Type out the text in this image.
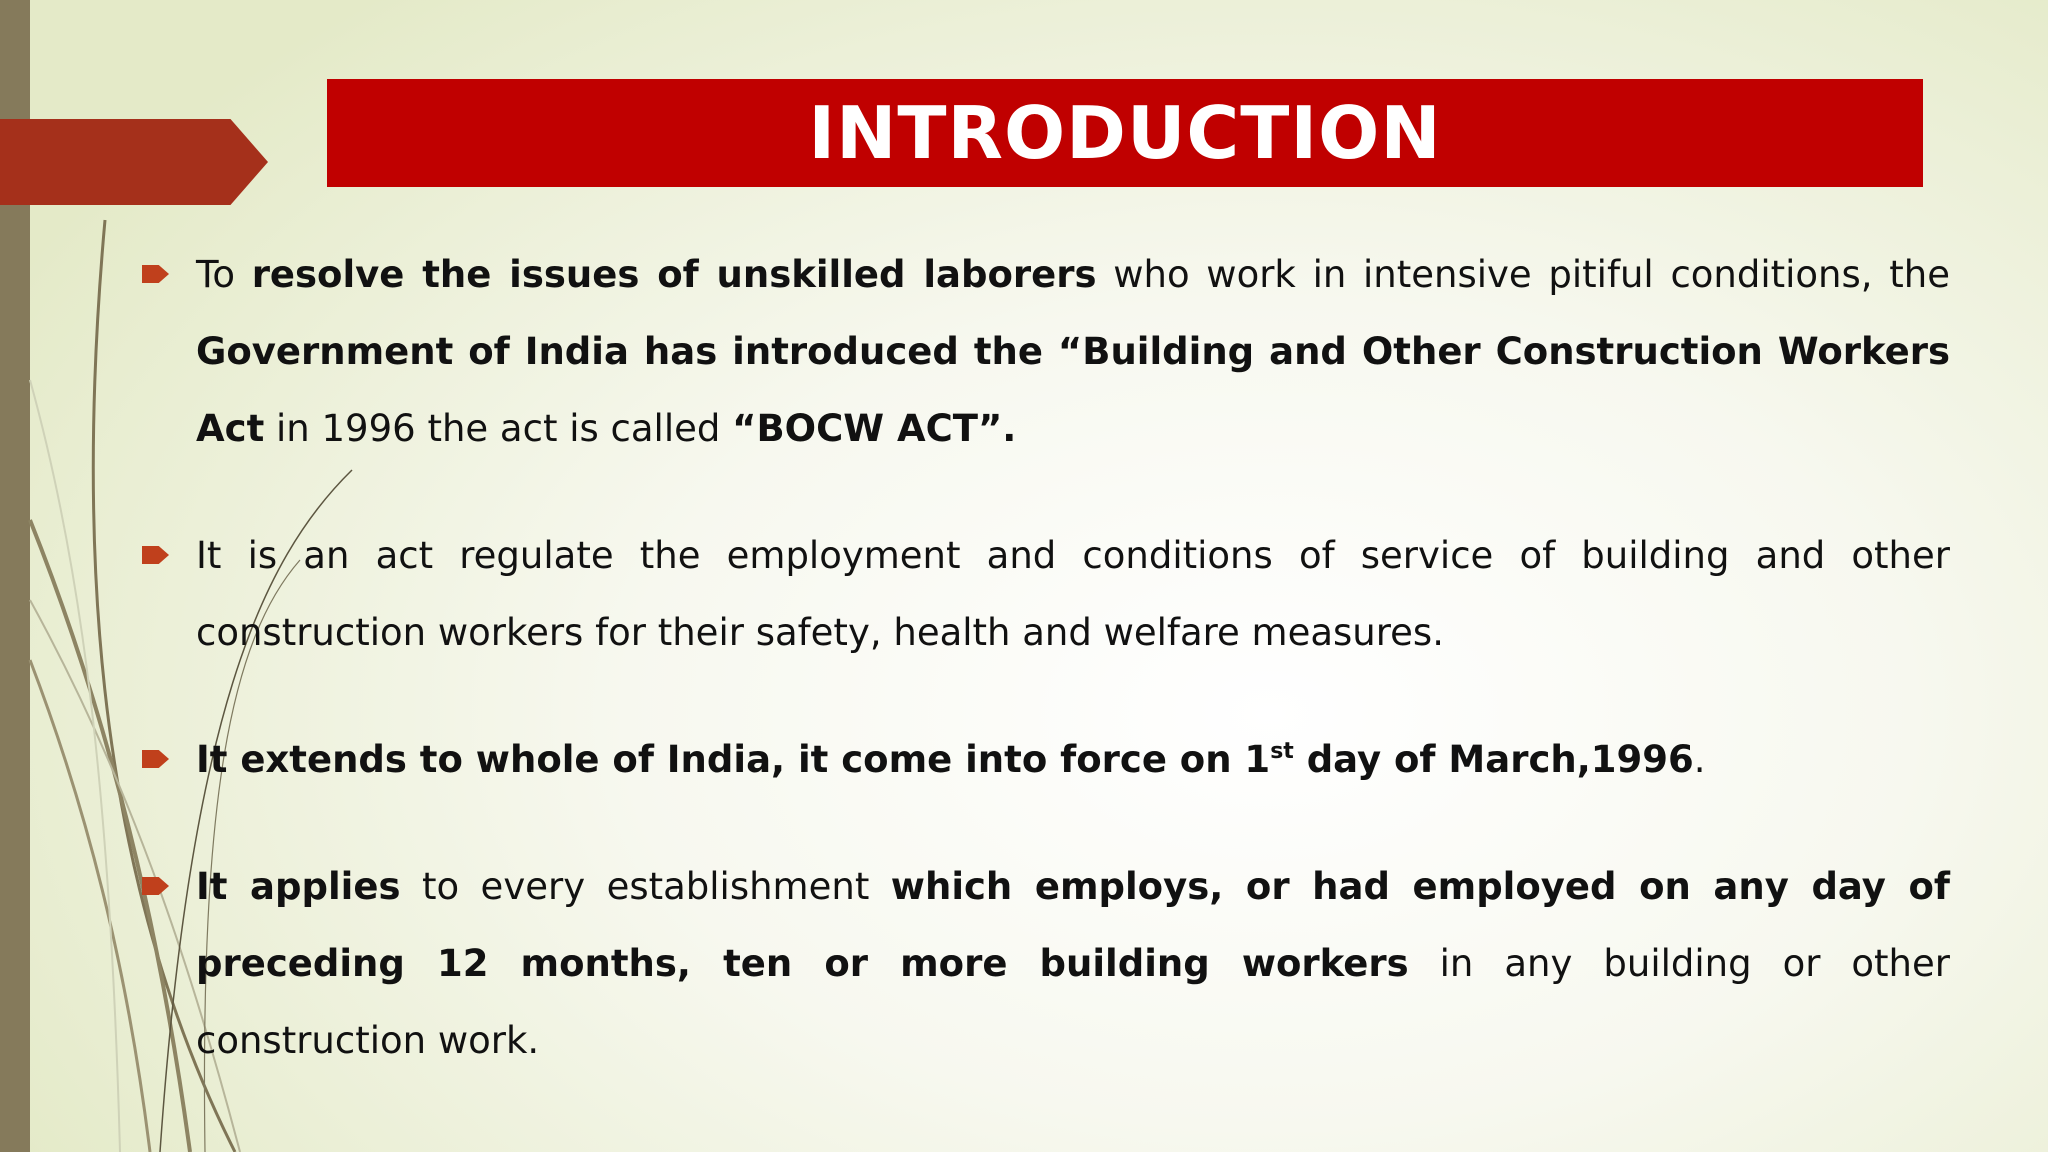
INTRODUCTION
To resolve the issues of unskilled laborers who work in intensive pitiful conditions, the Government of India has introduced the “Building and Other Construction Workers Act in 1996 the act is called “BOCW ACT”.
It is an act regulate the employment and conditions of service of building and other construction workers for their safety, health and welfare measures.
It extends to whole of India, it come into force on 1st day of March,1996.
It applies to every establishment which employs, or had employed on any day of preceding 12 months, ten or more building workers in any building or other construction work.
